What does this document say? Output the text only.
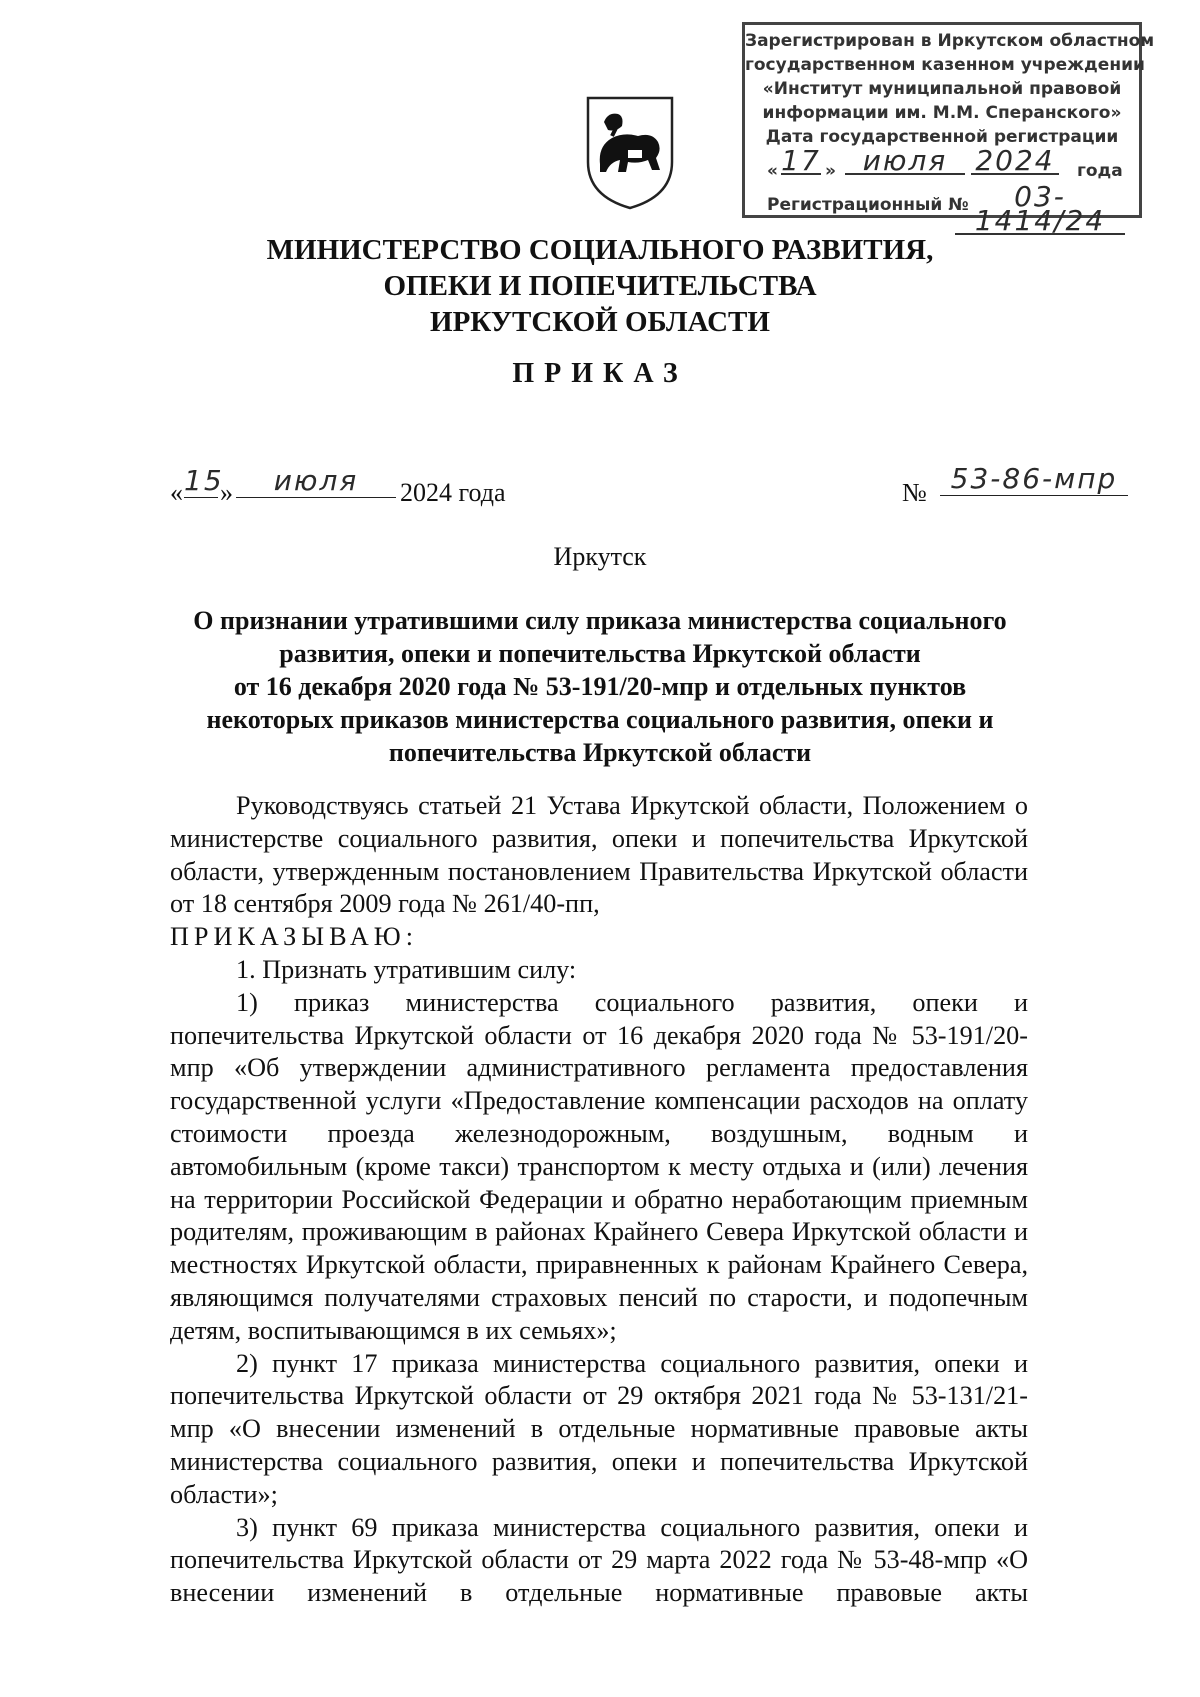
Зарегистрирован в Иркутском областном
государственном казенном учреждении
«Институт муниципальной правовой
информации им. М.М. Сперанского»
Дата государственной регистрации
« 17 » июля	2024 года
Регистрационный №	03-1414/24
МИНИСТЕРСТВО СОЦИАЛЬНОГО РАЗВИТИЯ,
ОПЕКИ И ПОПЕЧИТЕЛЬСТВА
ИРКУТСКОЙ ОБЛАСТИ
ПРИКАЗ
« 15
»	июля	2024 года	№ 53-86-мпр
Иркутск
О признании утратившими силу приказа министерства социального
развития, опеки и попечительства Иркутской области
от 16 декабря 2020 года № 53-191/20-мпр и отдельных пунктов
некоторых приказов министерства социального развития, опеки и
попечительства Иркутской области

Руководствуясь статьей 21 Устава Иркутской области, Положением о министерстве социального развития, опеки и попечительства Иркутской области, утвержденным постановлением Правительства Иркутской области от 18 сентября 2009 года № 261/40-пп,

ПРИКАЗЫВАЮ:

1. Признать утратившим силу:

1) приказ министерства социального развития, опеки и попечительства Иркутской области от 16 декабря 2020 года № 53-191/20-мпр «Об утверждении административного регламента предоставления государственной услуги «Предоставление компенсации расходов на оплату стоимости проезда железнодорожным, воздушным, водным и автомобильным (кроме такси) транспортом к месту отдыха и (или) лечения на территории Российской Федерации и обратно неработающим приемным родителям, проживающим в районах Крайнего Севера Иркутской области и местностях Иркутской области, приравненных к районам Крайнего Севера, являющимся получателями страховых пенсий по старости, и подопечным детям, воспитывающимся в их семьях»;

2) пункт 17 приказа министерства социального развития, опеки и попечительства Иркутской области от 29 октября 2021 года № 53-131/21-мпр «О внесении изменений в отдельные нормативные правовые акты министерства социального развития, опеки и попечительства Иркутской области»;

3) пункт 69 приказа министерства социального развития, опеки и попечительства Иркутской области от 29 марта 2022 года № 53-48-мпр «О внесении изменений в отдельные нормативные правовые акты
